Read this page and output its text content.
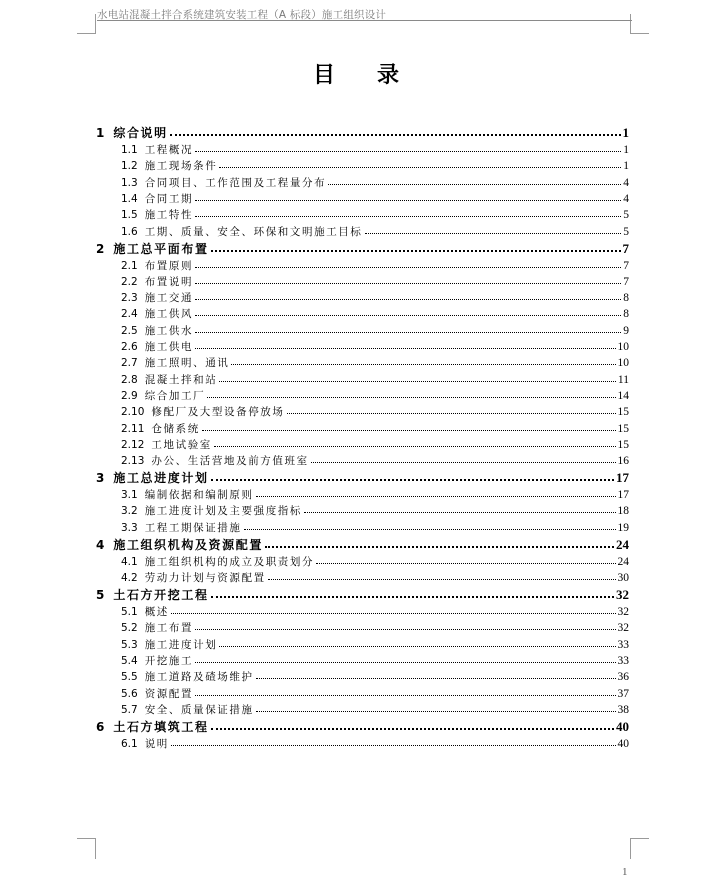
水电站混凝土拌合系统建筑安装工程（A 标段）施工组织设计
目录
1 综合说明	1
1.1 工程概况	1
1.2 施工现场条件	1
1.3 合同项目、工作范围及工程量分布	4
1.4 合同工期	4
1.5 施工特性	5
1.6 工期、质量、安全、环保和文明施工目标	5
2 施工总平面布置	7
2.1 布置原则	7
2.2 布置说明	7
2.3 施工交通	8
2.4 施工供风	8
2.5 施工供水	9
2.6 施工供电	10
2.7 施工照明、通讯	10
2.8 混凝土拌和站	11
2.9 综合加工厂	14
2.10 修配厂及大型设备停放场	15
2.11 仓储系统	15
2.12 工地试验室	15
2.13 办公、生活营地及前方值班室	16
3 施工总进度计划	17
3.1 编制依据和编制原则	17
3.2 施工进度计划及主要强度指标	18
3.3 工程工期保证措施	19
4 施工组织机构及资源配置	24
4.1 施工组织机构的成立及职责划分	24
4.2 劳动力计划与资源配置	30
5 土石方开挖工程	32
5.1 概述	32
5.2 施工布置	32
5.3 施工进度计划	33
5.4 开挖施工	33
5.5 施工道路及碴场维护	36
5.6 资源配置	37
5.7 安全、质量保证措施	38
6 土石方填筑工程	40
6.1 说明	40
1
